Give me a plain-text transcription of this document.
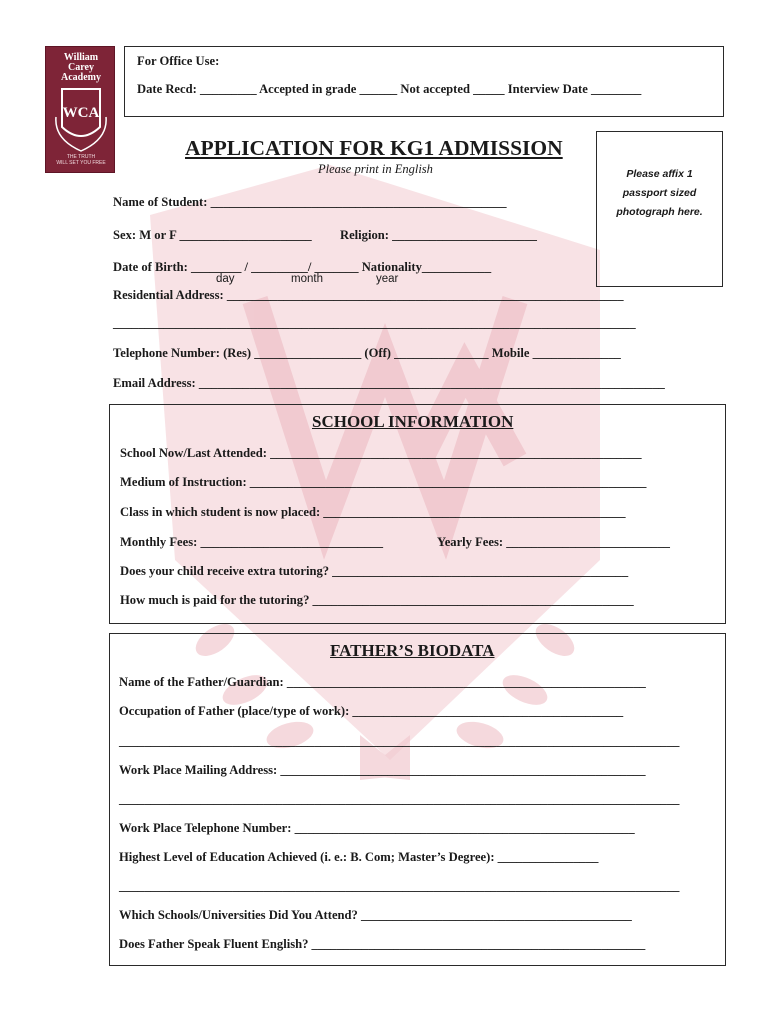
William
Carey
Academy
WCA
THE TRUTH
WILL SET YOU FREE
For Office Use:
Date Recd: _________ Accepted in grade ______ Not accepted _____ Interview Date ________
APPLICATION FOR KG1 ADMISSION
Please print in English	Please affix 1
passport sized
photograph here.
Name of Student: _______________________________________________
Sex: M or F _____________________ Religion: _______________________
Date of Birth: ________ / _________/ _______ Nationality___________
day	month	year
Residential Address: _______________________________________________________________
___________________________________________________________________________________
Telephone Number: (Res) _________________ (Off) _______________ Mobile ______________
Email Address: __________________________________________________________________________
SCHOOL INFORMATION
School Now/Last Attended: ___________________________________________________________
Medium of Instruction: _______________________________________________________________
Class in which student is now placed: ________________________________________________
Monthly Fees: _____________________________	Yearly Fees: __________________________
Does your child receive extra tutoring? _______________________________________________
How much is paid for the tutoring? ___________________________________________________
FATHER’S BIODATA
Name of the Father/Guardian: _________________________________________________________
Occupation of Father (place/type of work): ___________________________________________
_________________________________________________________________________________________
Work Place Mailing Address: __________________________________________________________
_________________________________________________________________________________________
Work Place Telephone Number: ______________________________________________________
Highest Level of Education Achieved (i. e.: B. Com; Master’s Degree): ________________
_________________________________________________________________________________________
Which Schools/Universities Did You Attend? ___________________________________________
Does Father Speak Fluent English? _____________________________________________________
